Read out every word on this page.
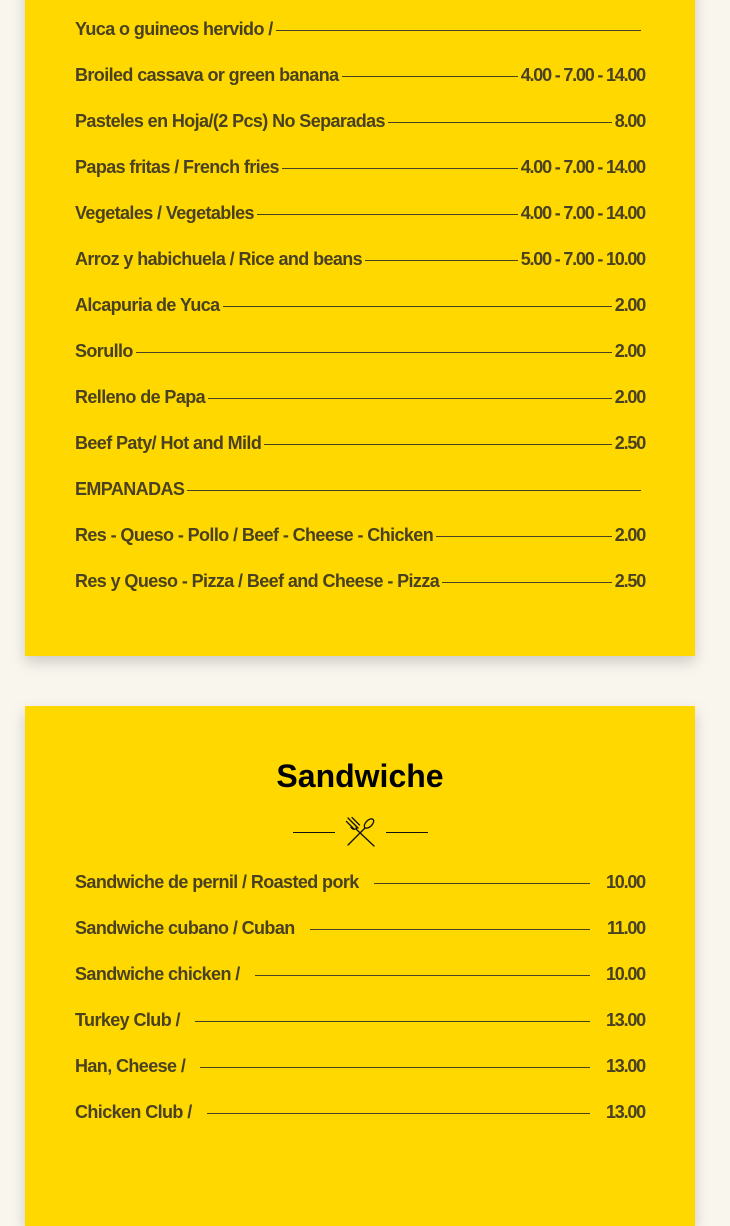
Yuca o guineos hervido /
Broiled cassava or green banana	4.00 - 7.00 - 14.00
Pasteles en Hoja/(2 Pcs) No Separadas	8.00
Papas fritas / French fries	4.00 - 7.00 - 14.00
Vegetales / Vegetables	4.00 - 7.00 - 14.00
Arroz y habichuela / Rice and beans	5.00 - 7.00 - 10.00
Alcapuria de Yuca	2.00
Sorullo	2.00
Relleno de Papa	2.00
Beef Paty/ Hot and Mild	2.50
EMPANADAS
Res - Queso - Pollo / Beef - Cheese - Chicken	2.00
Res y Queso - Pizza / Beef and Cheese - Pizza	2.50
Sandwiche
Sandwiche de pernil / Roasted pork	10.00
Sandwiche cubano / Cuban	11.00
Sandwiche chicken /	10.00
Turkey Club /	13.00
Han, Cheese /	13.00
Chicken Club /	13.00
